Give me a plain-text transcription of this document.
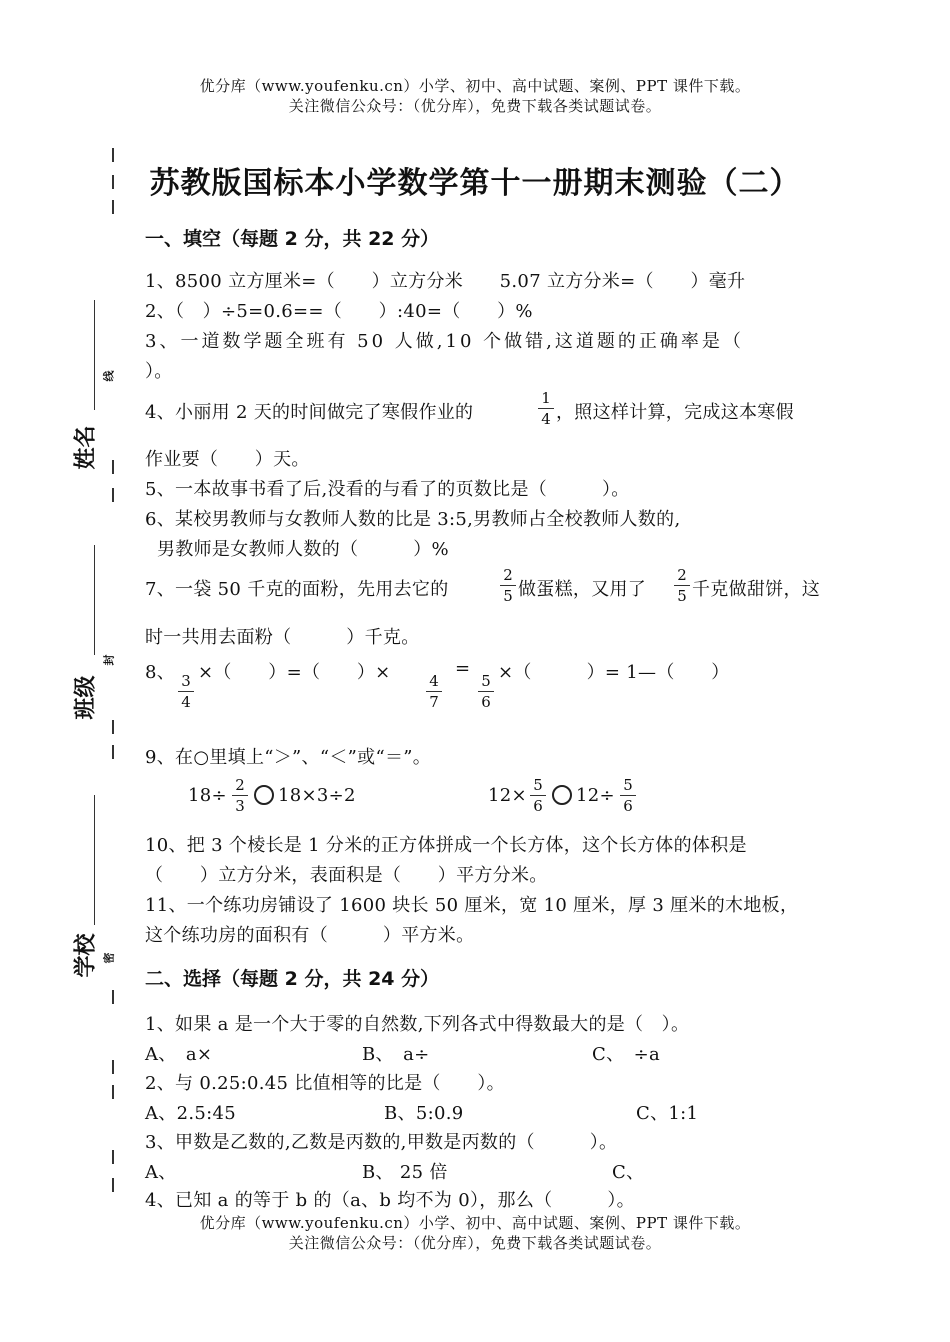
优分库（www.youfenku.cn）小学、初中、高中试题、案例、PPT 课件下载。
关注微信公众号：（优分库），免费下载各类试题试卷。
线
姓名
封
班级
密
学校
苏教版国标本小学数学第十一册期末测验（二）
一、填空（每题 2 分，共 22 分）
1、8500 立方厘米=（　　）立方分米　　5.07 立方分米=（　　）毫升
2、（　）÷5=0.6==（　　）:40=（　　）%
3、一道数学题全班有 50 人做,10 个做错,这道题的正确率是（
）。
4、小丽用 2 天的时间做完了寒假作业的
1
4 ，照这样计算，完成这本寒假
作业要（　　）天。
5、一本故事书看了后,没看的与看了的页数比是（　　　）。
6、某校男教师与女教师人数的比是 3:5,男教师占全校教师人数的,
男教师是女教师人数的（　　　）%
7、一袋 50 千克的面粉，先用去它的
2
5 做蛋糕，又用了
2
5 千克做甜饼，这
时一共用去面粉（　　　）千克。
8、 3
4
×（　　）=（　　）×	4
7
=
5
6
×（　　　）= 1—（　　）
9、在○里填上“＞”、“＜”或“＝”。
18÷ 2
3 18×3÷2	12× 5
6 12÷ 5
6
10、把 3 个棱长是 1 分米的正方体拼成一个长方体，这个长方体的体积是
（　　）立方分米，表面积是（　　）平方分米。
11、一个练功房铺设了 1600 块长 50 厘米，宽 10 厘米，厚 3 厘米的木地板，
这个练功房的面积有（　　　）平方米。
二、选择（每题 2 分，共 24 分）
1、如果 a 是一个大于零的自然数,下列各式中得数最大的是（　）。
A、　a×	B、　a÷	C、　÷a
2、与 0.25:0.45 比值相等的比是（　　）。
A、2.5:45	B、5:0.9	C、1:1
3、甲数是乙数的,乙数是丙数的,甲数是丙数的（　　　）。
A、	B、 25 倍	C、
4、已知 a 的等于 b 的（a、b 均不为 0），那么（　　　）。
优分库（www.youfenku.cn）小学、初中、高中试题、案例、PPT 课件下载。
关注微信公众号：（优分库），免费下载各类试题试卷。
